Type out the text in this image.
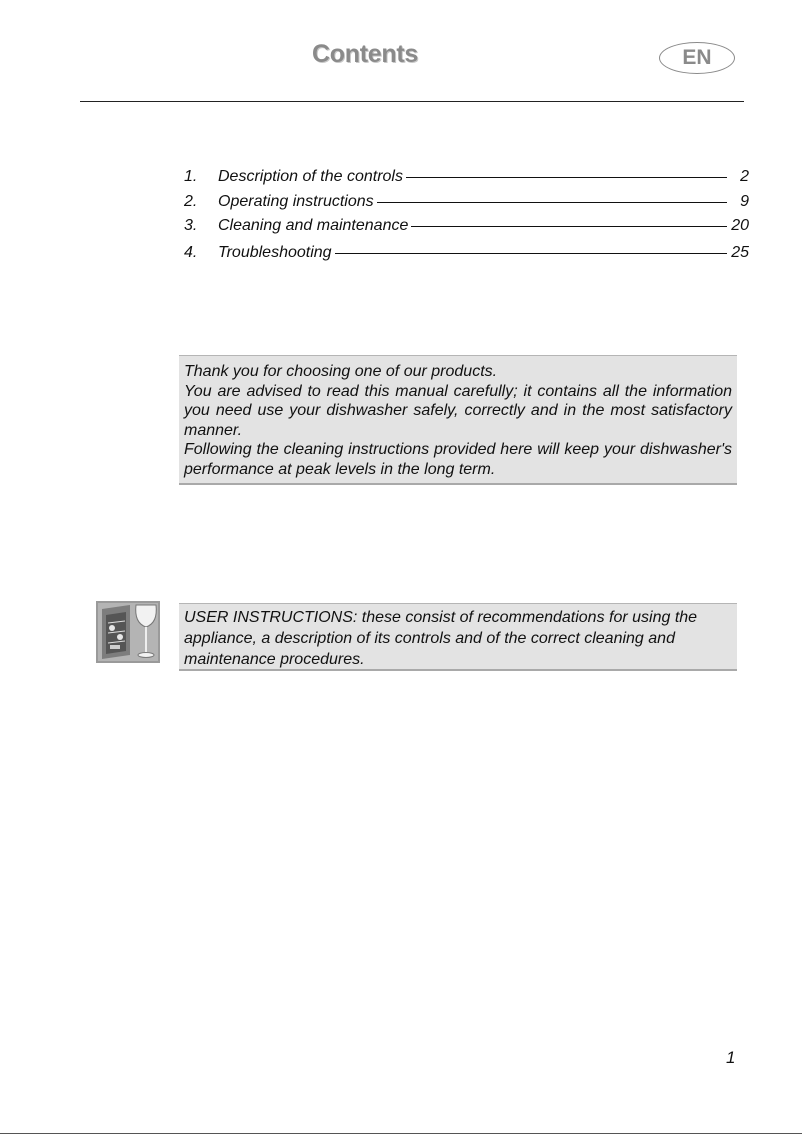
Contents	EN
1.	Description of the controls	2
2.	Operating instructions	9
3.	Cleaning and maintenance	20
4.	Troubleshooting	25

Thank you for choosing one of our products.

You are advised to read this manual carefully; it contains all the information you need use your dishwasher safely, correctly and in the most satisfactory manner.

Following the cleaning instructions provided here will keep your dishwasher's performance at peak levels in the long term.

USER INSTRUCTIONS: these consist of recommendations for using the appliance, a description of its controls and of the correct cleaning and maintenance procedures.

1
